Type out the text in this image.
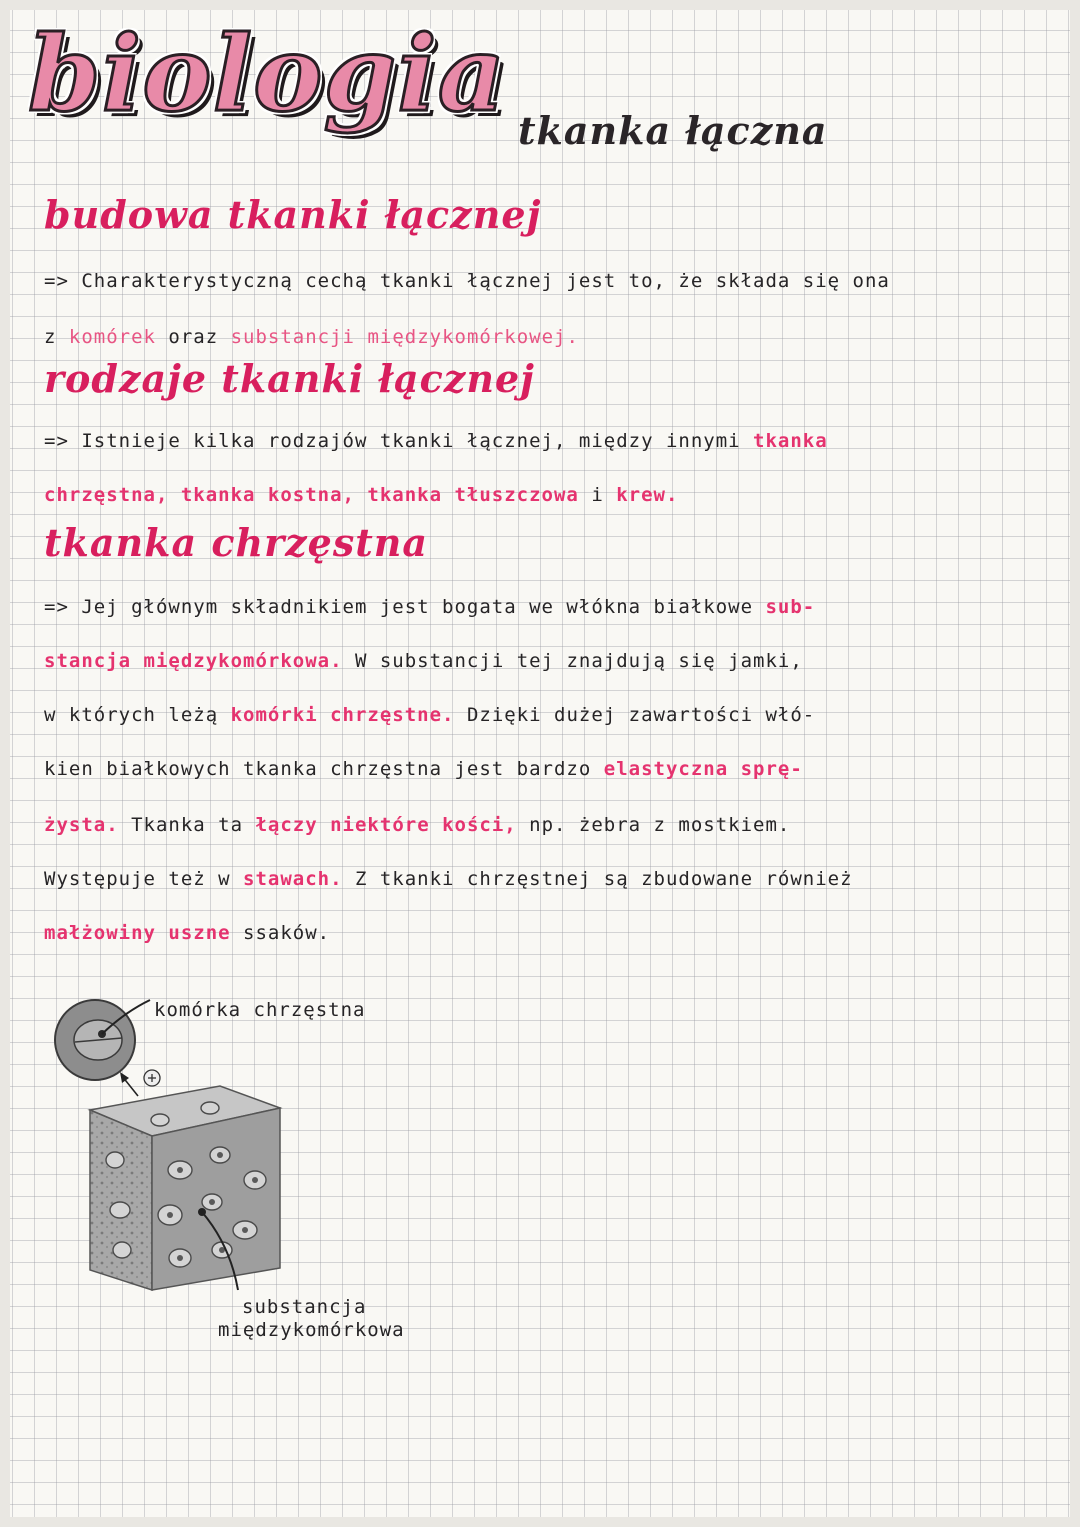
biologia tkanka łączna
budowa tkanki łącznej
=> Charakterystyczną cechą tkanki łącznej jest to, że składa się ona
z komórek oraz substancji międzykomórkowej.
rodzaje tkanki łącznej
=> Istnieje kilka rodzajów tkanki łącznej, między innymi tkanka
chrzęstna, tkanka kostna, tkanka tłuszczowa i krew.
tkanka chrzęstna
=> Jej głównym składnikiem jest bogata we włókna białkowe sub-
stancja międzykomórkowa. W substancji tej znajdują się jamki,
w których leżą komórki chrzęstne. Dzięki dużej zawartości włó-
kien białkowych tkanka chrzęstna jest bardzo elastyczna sprę-
żysta. Tkanka ta łączy niektóre kości, np. żebra z mostkiem.
Występuje też w stawach. Z tkanki chrzęstnej są zbudowane również
małżowiny uszne ssaków.
komórka chrzęstna
substancja
międzykomórkowa
